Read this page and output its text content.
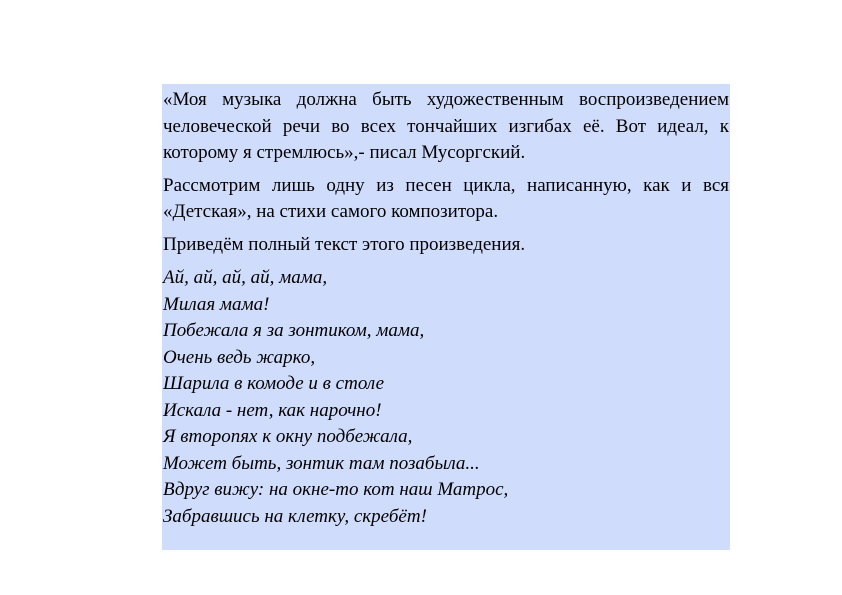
«Моя музыка должна быть художественным воспроизведением человеческой речи во всех тончайших изгибах её. Вот идеал, к которому я стремлюсь»,- писал Мусоргский.

Рассмотрим лишь одну из песен цикла, написанную, как и вся «Детская», на стихи самого композитора.

Приведём полный текст этого произведения.

Ай, ай, ай, ай, мама,
Милая мама!
Побежала я за зонтиком, мама,
Очень ведь жарко,
Шарила в комоде и в столе
Искала - нет, как нарочно!
Я второпях к окну подбежала,
Может быть, зонтик там позабыла...
Вдруг вижу: на окне-то кот наш Матрос,
Забравшись на клетку, скребёт!
